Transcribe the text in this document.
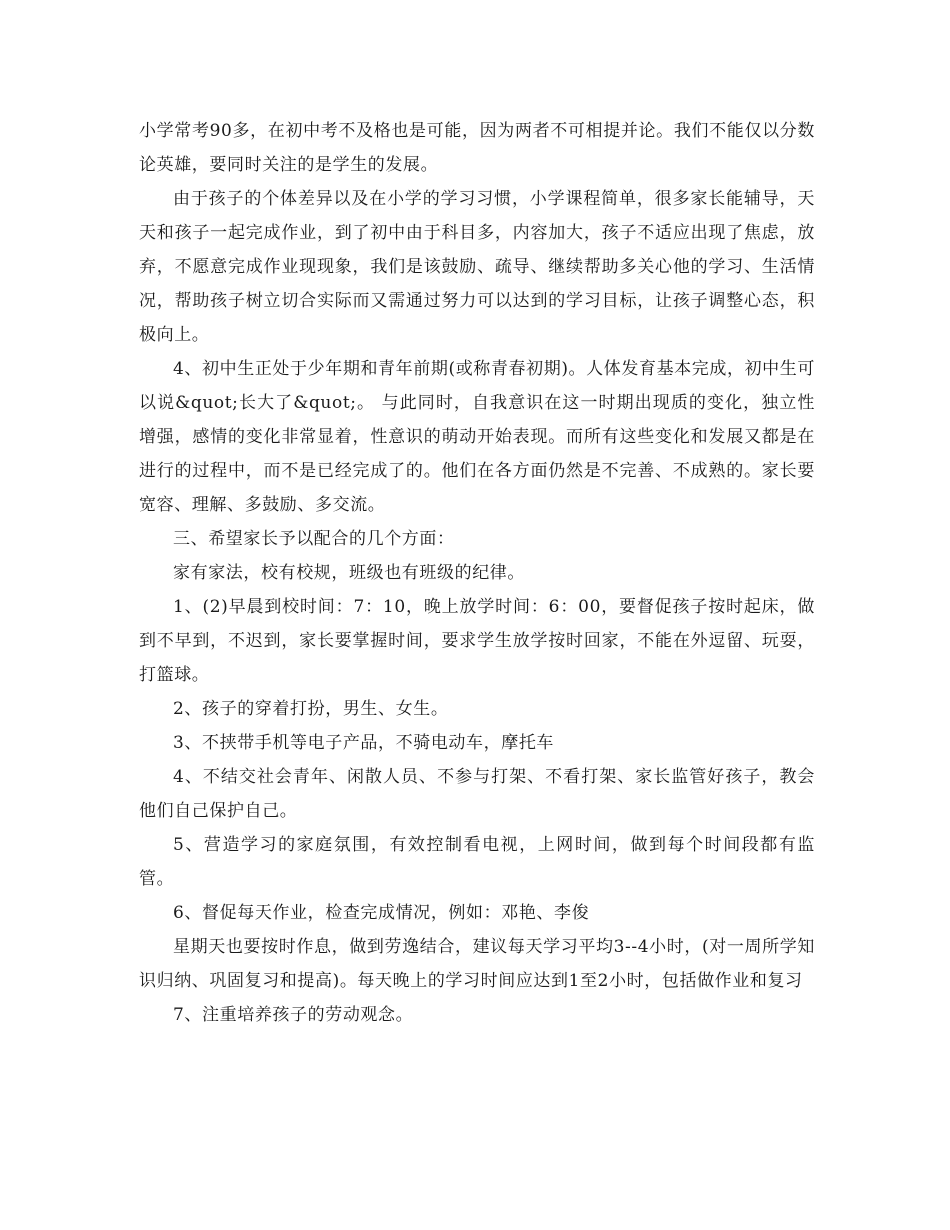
小学常考90多，在初中考不及格也是可能，因为两者不可相提并论。我们不能仅以分数论英雄，要同时关注的是学生的发展。

由于孩子的个体差异以及在小学的学习习惯，小学课程简单，很多家长能辅导，天天和孩子一起完成作业，到了初中由于科目多，内容加大，孩子不适应出现了焦虑，放弃，不愿意完成作业现现象，我们是该鼓励、疏导、继续帮助多关心他的学习、生活情况，帮助孩子树立切合实际而又需通过努力可以达到的学习目标，让孩子调整心态，积极向上。

4、初中生正处于少年期和青年前期(或称青春初期)。人体发育基本完成，初中生可以说&quot;长大了&quot;。 与此同时，自我意识在这一时期出现质的变化，独立性增强，感情的变化非常显着，性意识的萌动开始表现。而所有这些变化和发展又都是在进行的过程中，而不是已经完成了的。他们在各方面仍然是不完善、不成熟的。家长要宽容、理解、多鼓励、多交流。

三、希望家长予以配合的几个方面：

家有家法，校有校规，班级也有班级的纪律。

1、(2)早晨到校时间：7：10，晚上放学时间：6：00，要督促孩子按时起床，做到不早到，不迟到，家长要掌握时间，要求学生放学按时回家，不能在外逗留、玩耍，打篮球。

2、孩子的穿着打扮，男生、女生。

3、不挟带手机等电子产品，不骑电动车，摩托车

4、不结交社会青年、闲散人员、不参与打架、不看打架、家长监管好孩子，教会他们自己保护自己。

5、营造学习的家庭氛围，有效控制看电视，上网时间，做到每个时间段都有监管。

6、督促每天作业，检查完成情况，例如：邓艳、李俊

星期天也要按时作息，做到劳逸结合，建议每天学习平均3--4小时，(对一周所学知识归纳、巩固复习和提高)。每天晚上的学习时间应达到1至2小时，包括做作业和复习

7、注重培养孩子的劳动观念。
